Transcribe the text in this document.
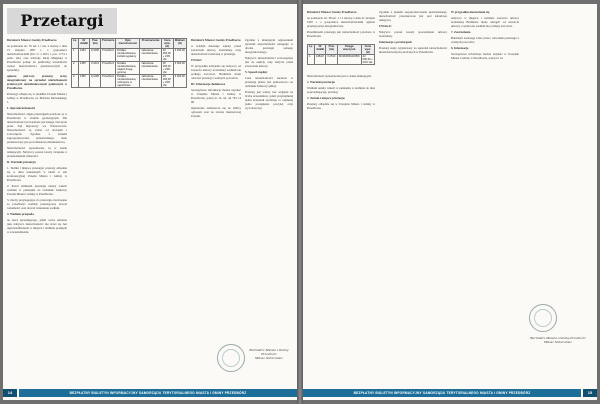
Przetargi

Burmistrz Miasta i Gminy Przedborza

na podstawie art. 35 ust. 1 i ust. 2 ustawy z dnia 21 sierpnia 1997 r. o gospodarce nieruchomościami (Dz. U. z 2015 r. poz. 1774 z późn. zm.) oraz uchwały Rady Miejskiej w Przedborzu podaje do publicznej wiadomości wykaz nieruchomości przeznaczonych do sprzedaży.

ogłasza pierwszy przetarg ustny nieograniczony na sprzedaż nieruchomości gruntowych niezabudowanych położonych w Przedborzu.

Przetargi odbędą się w siedzibie Urzędu Miasta i Gminy w Przedborzu, ul. Mariana Rzewuskiego 1.

I. Opis nieruchomości

Nieruchomości objęte przetargiem położone są w Przedborzu w obrębie geodezyjnym. Dla nieruchomości prowadzona jest księga wieczysta przez Sąd Rejonowy we Włoszczowie. Nieruchomości są wolne od obciążeń i zobowiązań. Zgodnie z planem zagospodarowania przestrzennego teren przeznaczony jest pod zabudowę mieszkaniową.

Nieruchomości sprzedawane są w stanie istniejącym. Nabywca ponosi koszty związane z przeniesieniem własności.

II. Warunki przetargu

1. Termin i miejsce przetargu: przetarg odbędzie się w dniu wskazanym w tabeli w sali konferencyjnej Urzędu Miasta i Gminy w Przedborzu.

2. Przed terminem przetargu należy wnieść wadium w pieniądzu na rachunek bankowy Urzędu Miasta i Gminy w Przedborzu.

3. Osoby przystępujące do przetargu obowiązane są przedłożyć komisji przetargowej dowód tożsamości oraz dowód wniesienia wadium.

4. Wadium przepada

na rzecz sprzedającego, jeżeli osoba ustalona jako nabywca nieruchomości nie stawi się bez usprawiedliwienia w miejscu i terminie podanym w zawiadomieniu.

Lp.	Nr działki	Pow. (ha)	Położenie	Opis nieruchomości	Przeznaczenie	Cena wyw. (zł)	Wadium (zł)
1.	1454	0,1090	Przedbórz	Działka niezabudowana, kształt regularny	zabudowa mieszkaniowa	32 000,00 + 23% Vat	3 200,00
2.	1455	0,1013	Przedbórz	Działka niezabudowana, dojazd drogą gminną	zabudowa mieszkaniowa	30 000,00 + 23% Vat	3 000,00
3.	1456	0,1108	Przedbórz	Działka niezabudowana, uzbrojenie w sąsiedztwie	zabudowa mieszkaniowa	33 000,00 + 23% Vat	3 300,00

Burmistrz Miasta i Gminy Przedborza

w ścisłym dokonuje wpłaty, przed zawarciem umowy notarialnej, ceny nieruchomości ustalonej w przetargu.

UWAGI

W przypadku uchylenia się nabywcy od zawarcia umowy notarialnej wadium nie podlega zwrotowi. Burmistrz może odwołać przetarg z ważnych powodów.

III. Informacje dodatkowe

Szczegółowe informacje można uzyskać w Urzędzie Miasta i Gminy w Przedborzu, pokój nr 14, tel. 44 781 14 90.

Ogłoszenie zamieszcza się na tablicy ogłoszeń oraz na stronie internetowej Urzędu.

Zgodnie z niniejszym ogłoszeniem sprzedaż nieruchomości następuje w drodze przetargu ustnego nieograniczonego.

Nabywca nieruchomości zobowiązany jest do zapłaty ceny nabycia przed zawarciem umowy.

V. Sposób zapłaty

Cena nieruchomości ustalona w przetargu płatna jest jednorazowo na rachunek bankowy gminy.

Przetarg jest ważny bez względu na liczbę uczestników, jeżeli przynajmniej jeden uczestnik zaoferuje co najmniej jedno postąpienie powyżej ceny wywoławczej.

Burmistrz Miasta i Gminy Przedbórz
Miłosz Naturaniec
14	BEZPŁATNY BIULETYN INFORMACYJNY SAMORZĄDU TERYTORIALNEGO MIASTA I GMINY PRZEDBÓRZ

Burmistrz Miasta i Gminy Przedborza

na podstawie art. 38 ust. 1 i 2 ustawy z dnia 21 sierpnia 1997 r. o gospodarce nieruchomościami ogłasza przetarg ustny nieograniczony.

Przedmiotem przetargu jest nieruchomość położona w Przedborzu.

Lp.	Nr działki	Pow. (ha)	Księga wieczysta	Cena wyw. (zł)
1.	1452/2	0,1510	KI1W/00012345/6	42 000,00 + 23% Vat

Nieruchomość sprzedawana jest w stanie istniejącym.

2. Warunki przetargu

Wadium należy wnieść w pieniądzu w terminie do dnia poprzedzającego przetarg.

3. Termin i miejsce przetargu

Przetarg odbędzie się w Urzędzie Miasta i Gminy w Przedborzu.

Zgodnie z planem zagospodarowania przestrzennego nieruchomość przeznaczona jest pod zabudowę usługową.

UWAGA!

Nabywca ponosi koszty sporządzenia umowy notarialnej.

Informacje o przetargach

Przetarg ustny ograniczony na sprzedaż nieruchomości niezabudowanych położonych w Przedborzu.

W przypadku niestawienia się

nabywcy w miejscu i terminie zawarcia umowy notarialnej Burmistrz może odstąpić od zawarcia umowy, a wpłacone wadium nie podlega zwrotowi.

7. Zastrzeżenia

Burmistrz zastrzega sobie prawo odwołania przetargu z ważnych powodów.

8. Informacje

Szczegółowe informacje można uzyskać w Urzędzie Miasta i Gminy w Przedborzu, pokój nr 14.

Burmistrz Miasta i Gminy Przedbórz
Miłosz Naturaniec
BEZPŁATNY BIULETYN INFORMACYJNY SAMORZĄDU TERYTORIALNEGO MIASTA I GMINY PRZEDBÓRZ	15
